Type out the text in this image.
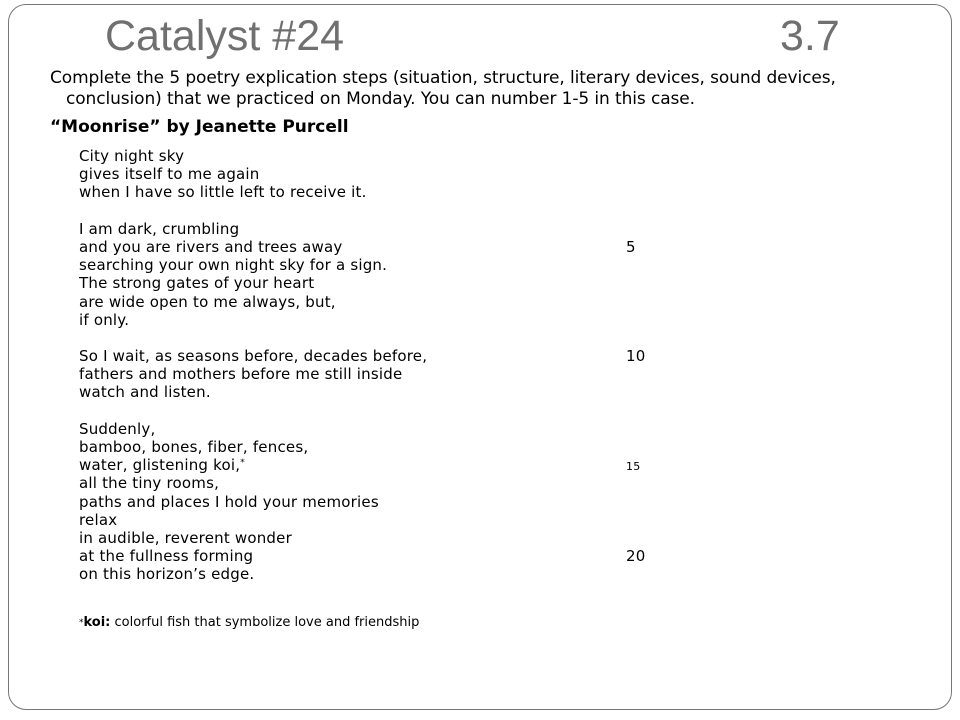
Catalyst #24	3.7
Complete the 5 poetry explication steps (situation, structure, literary devices, sound devices, conclusion) that we practiced on Monday. You can number 1-5 in this case.
“Moonrise” by Jeanette Purcell
City night sky
gives itself to me again
when I have so little left to receive it.
I am dark, crumbling
and you are rivers and trees away	5
searching your own night sky for a sign.
The strong gates of your heart
are wide open to me always, but,
if only.
So I wait, as seasons before, decades before,	10
fathers and mothers before me still inside
watch and listen.
Suddenly,
bamboo, bones, fiber, fences,
water, glistening koi,*	15
all the tiny rooms,
paths and places I hold your memories
relax
in audible, reverent wonder
at the fullness forming	20
on this horizon’s edge.
*koi: colorful fish that symbolize love and friendship
